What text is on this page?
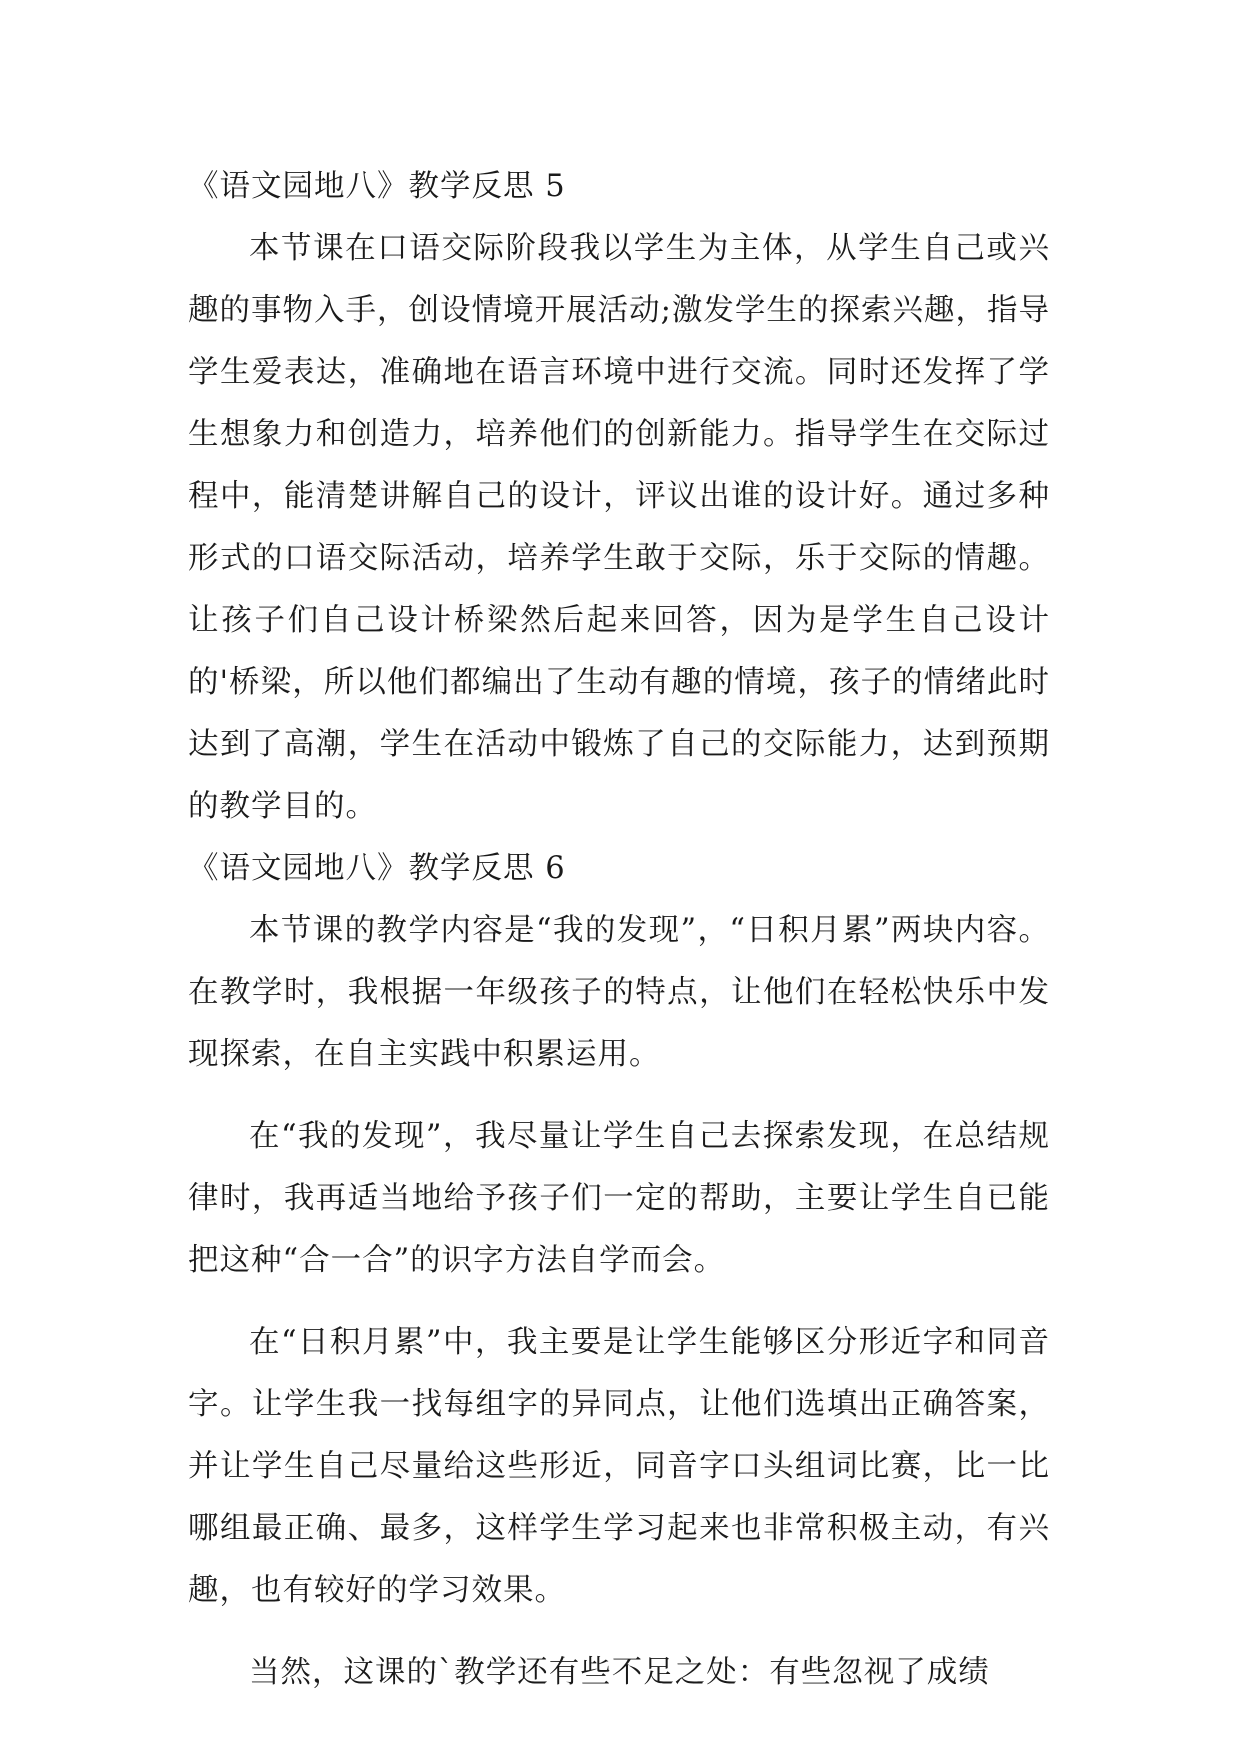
《语文园地八》教学反思 5

本节课在口语交际阶段我以学生为主体，从学生自己或兴趣的事物入手，创设情境开展活动;激发学生的探索兴趣，指导学生爱表达，准确地在语言环境中进行交流。同时还发挥了学生想象力和创造力，培养他们的创新能力。指导学生在交际过程中，能清楚讲解自己的设计，评议出谁的设计好。通过多种形式的口语交际活动，培养学生敢于交际，乐于交际的情趣。让孩子们自己设计桥梁然后起来回答，因为是学生自己设计的'桥梁，所以他们都编出了生动有趣的情境，孩子的情绪此时达到了高潮，学生在活动中锻炼了自己的交际能力，达到预期的教学目的。

《语文园地八》教学反思 6

本节课的教学内容是“我的发现”，“日积月累”两块内容。在教学时，我根据一年级孩子的特点，让他们在轻松快乐中发现探索，在自主实践中积累运用。

在“我的发现”，我尽量让学生自己去探索发现，在总结规律时，我再适当地给予孩子们一定的帮助，主要让学生自已能把这种“合一合”的识字方法自学而会。

在“日积月累”中，我主要是让学生能够区分形近字和同音字。让学生我一找每组字的异同点，让他们选填出正确答案，并让学生自己尽量给这些形近，同音字口头组词比赛，比一比哪组最正确、最多，这样学生学习起来也非常积极主动，有兴趣，也有较好的学习效果。

当然，这课的`教学还有些不足之处：有些忽视了成绩
